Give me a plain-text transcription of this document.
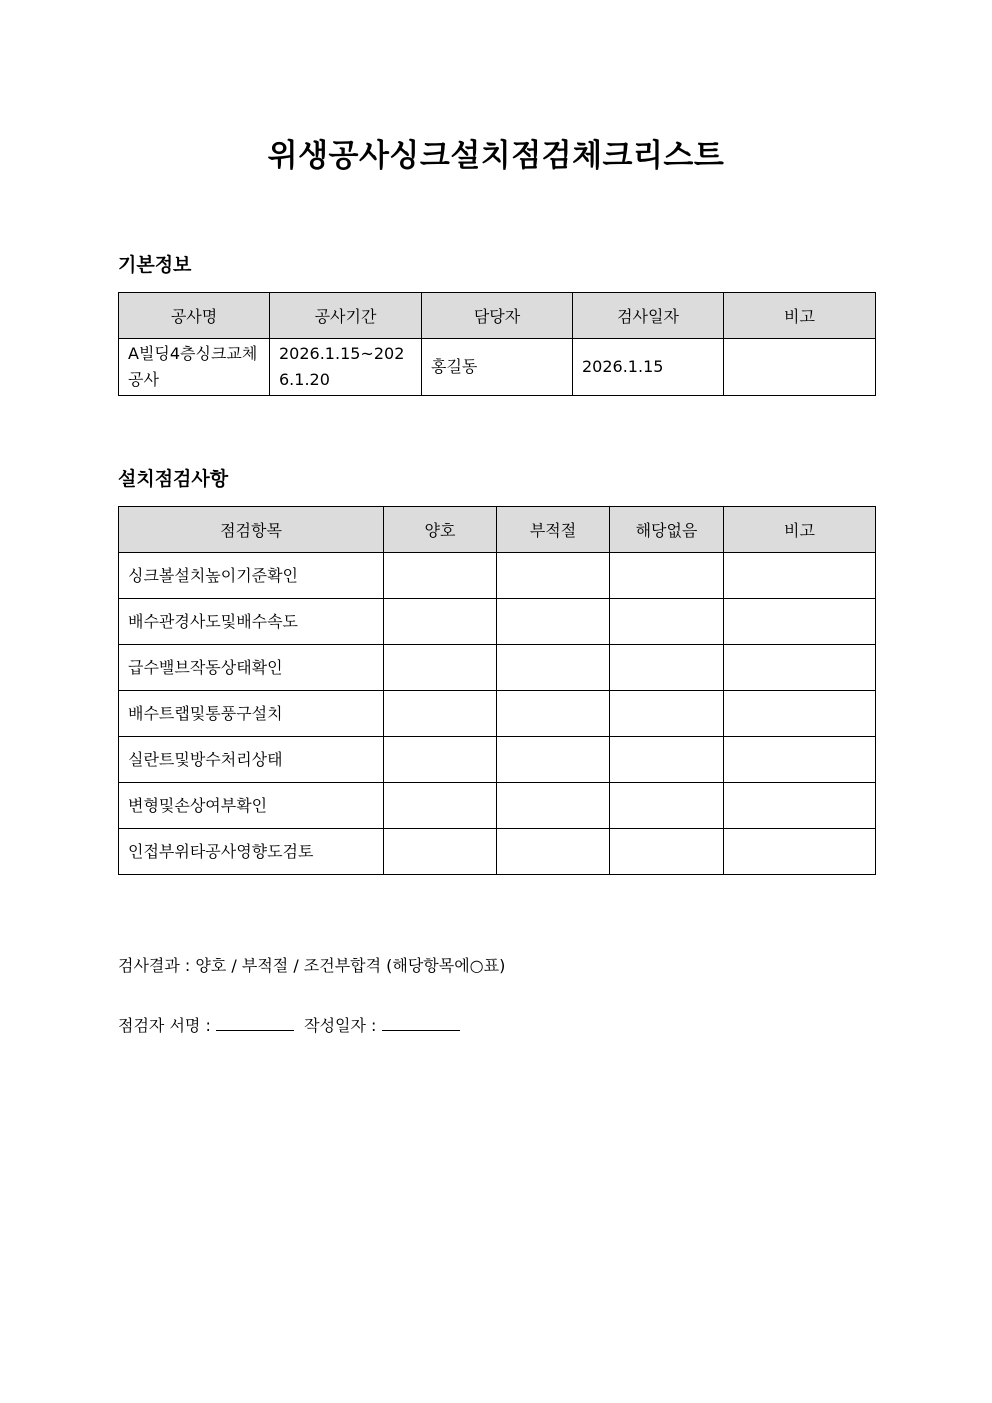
위생공사싱크설치점검체크리스트
기본정보
공사명	공사기간	담당자	검사일자	비고
A빌딩4층싱크교체공사	2026.1.15~2026.1.20	홍길동	2026.1.15	
설치점검사항
점검항목	양호	부적절	해당없음	비고
싱크볼설치높이기준확인				
배수관경사도및배수속도				
급수밸브작동상태확인				
배수트랩및통풍구설치				
실란트및방수처리상태				
변형및손상여부확인				
인접부위타공사영향도검토				
검사결과 : 양호 / 부적절 / 조건부합격 (해당항목에○표)
점검자 서명 :	작성일자 :
